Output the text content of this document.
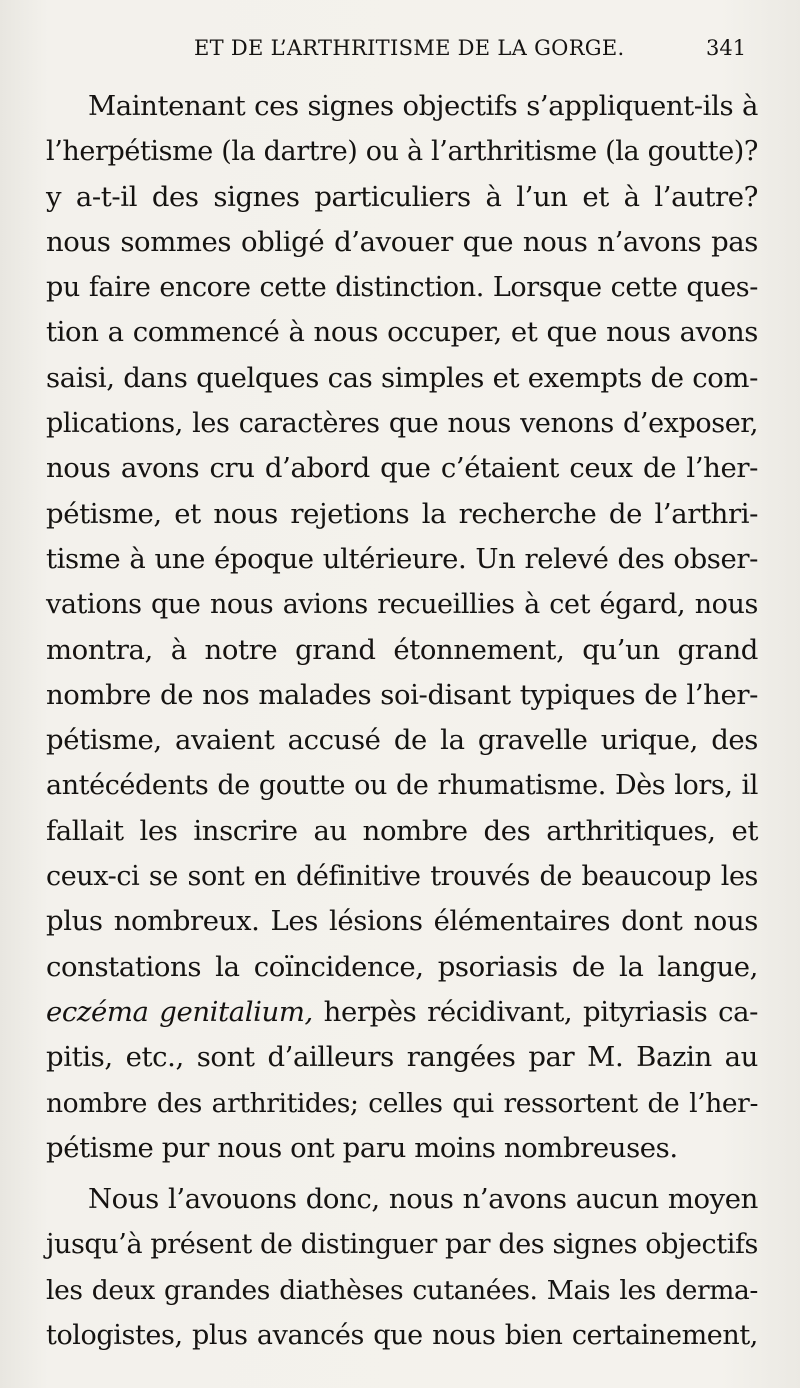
ET DE L’ARTHRITISME DE LA GORGE.	341
Maintenant ces signes objectifs s’appliquent-ils à
l’herpétisme (la dartre) ou à l’arthritisme (la goutte)?
y a-t-il des signes particuliers à l’un et à l’autre?
nous sommes obligé d’avouer que nous n’avons pas
pu faire encore cette distinction. Lorsque cette ques-
tion a commencé à nous occuper, et que nous avons
saisi, dans quelques cas simples et exempts de com-
plications, les caractères que nous venons d’exposer,
nous avons cru d’abord que c’étaient ceux de l’her-
pétisme, et nous rejetions la recherche de l’arthri-
tisme à une époque ultérieure. Un relevé des obser-
vations que nous avions recueillies à cet égard, nous
montra, à notre grand étonnement, qu’un grand
nombre de nos malades soi-disant typiques de l’her-
pétisme, avaient accusé de la gravelle urique, des
antécédents de goutte ou de rhumatisme. Dès lors, il
fallait les inscrire au nombre des arthritiques, et
ceux-ci se sont en définitive trouvés de beaucoup les
plus nombreux. Les lésions élémentaires dont nous
constations la coïncidence, psoriasis de la langue,
eczéma genitalium, herpès récidivant, pityriasis ca-
pitis, etc., sont d’ailleurs rangées par M. Bazin au
nombre des arthritides; celles qui ressortent de l’her-
pétisme pur nous ont paru moins nombreuses.
Nous l’avouons donc, nous n’avons aucun moyen
jusqu’à présent de distinguer par des signes objectifs
les deux grandes diathèses cutanées. Mais les derma-
tologistes, plus avancés que nous bien certainement,
